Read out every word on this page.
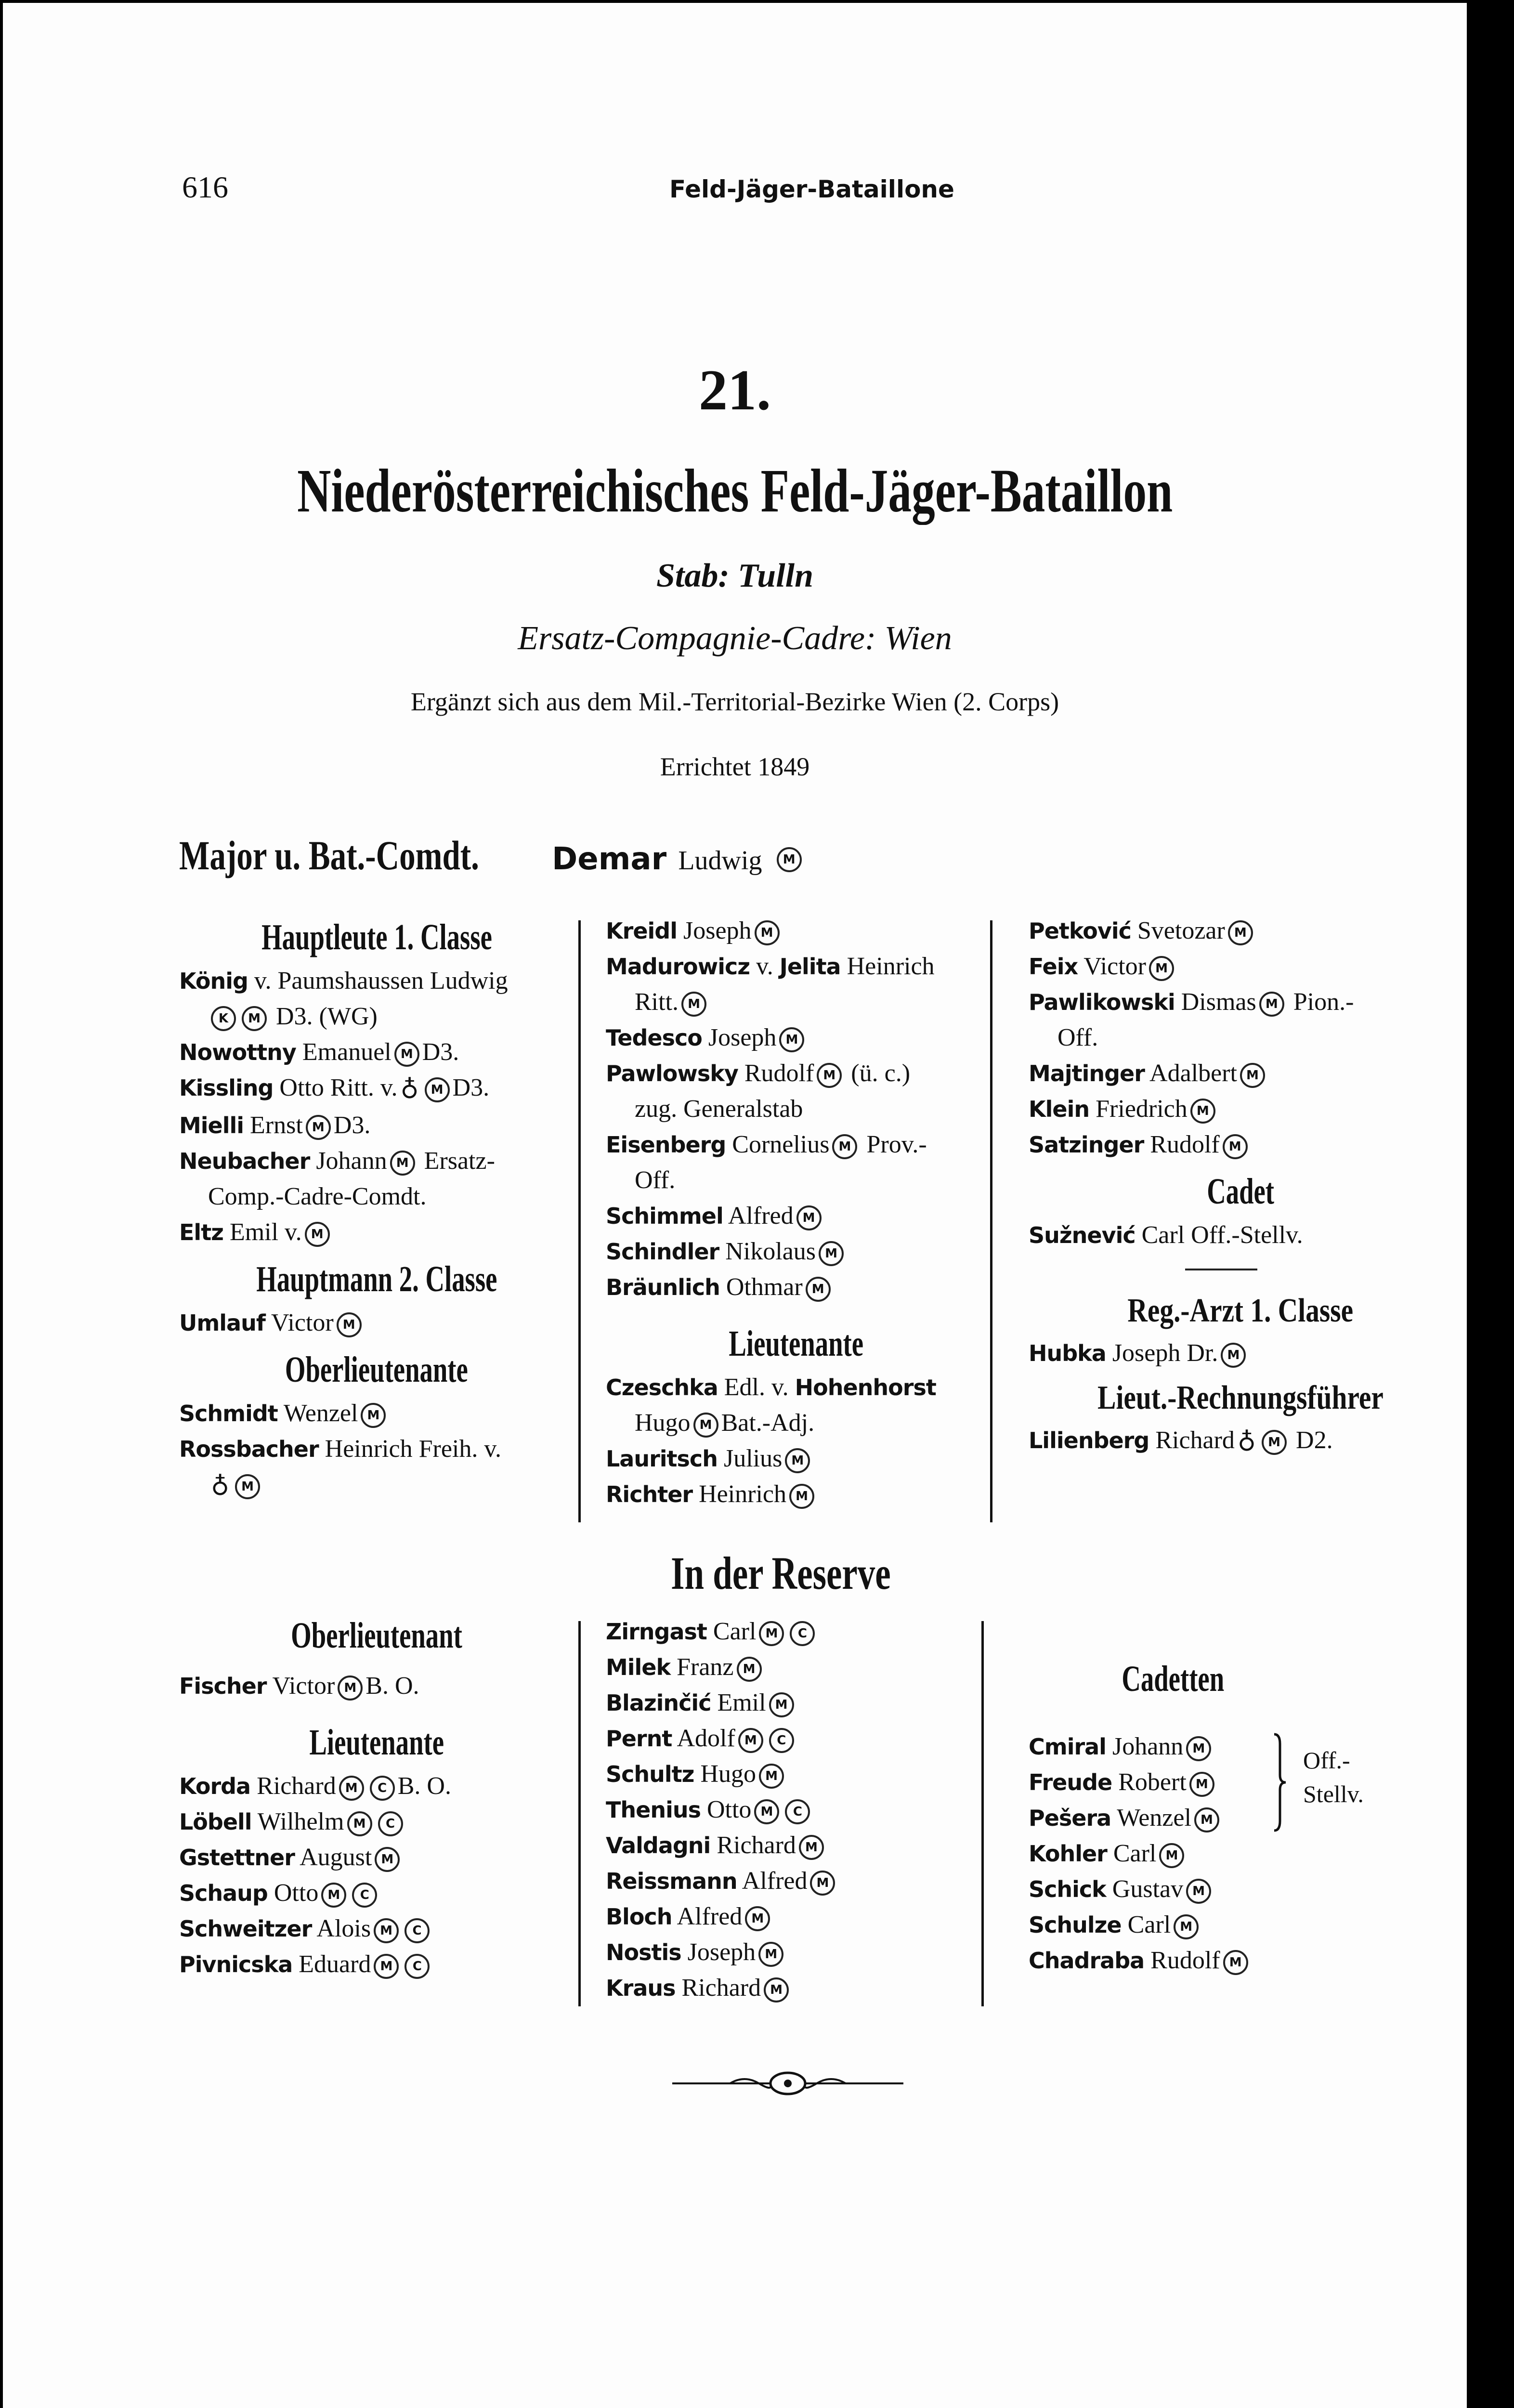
616	Feld-Jäger-Bataillone
21.
Niederösterreichisches Feld-Jäger-Bataillon
Stab: Tulln
Ersatz-Compagnie-Cadre: Wien
Ergänzt sich aus dem Mil.-Territorial-Bezirke Wien (2. Corps)
Errichtet 1849
Major u. Bat.-Comdt. Demar Ludwig M
Hauptleute 1. Classe
König v. Paumshaussen Ludwig
K M D3. (WG)
Nowottny Emanuel M D3.
Kissling Otto Ritt. v. ♁ M D3.
Mielli Ernst M D3.
Neubacher Johann M Ersatz-
Comp.-Cadre-Comdt.
Eltz Emil v. M
Hauptmann 2. Classe
Umlauf Victor M
Oberlieutenante
Schmidt Wenzel M
Rossbacher Heinrich Freih. v.
♁ M
Kreidl Joseph M
Madurowicz v. Jelita Heinrich
Ritt. M
Tedesco Joseph M
Pawlowsky Rudolf M (ü. c.)
zug. Generalstab
Eisenberg Cornelius M Prov.-
Off.
Schimmel Alfred M
Schindler Nikolaus M
Bräunlich Othmar M
Lieutenante
Czeschka Edl. v. Hohenhorst
Hugo M Bat.-Adj.
Lauritsch Julius M
Richter Heinrich M
Petković Svetozar M
Feix Victor M
Pawlikowski Dismas M Pion.-
Off.
Majtinger Adalbert M
Klein Friedrich M
Satzinger Rudolf M
Cadet
Sužnević Carl Off.-Stellv.
Reg.-Arzt 1. Classe
Hubka Joseph Dr. M
Lieut.-Rechnungsführer
Lilienberg Richard ♁ M D2.
In der Reserve
Oberlieutenant
Fischer Victor M B. O.
Lieutenante
Korda Richard M C B. O.
Löbell Wilhelm M C
Gstettner August M
Schaup Otto M C
Schweitzer Alois M C
Pivnicska Eduard M C
Zirngast Carl M C
Milek Franz M
Blazinčić Emil M
Pernt Adolf M C
Schultz Hugo M
Thenius Otto M C
Valdagni Richard M
Reissmann Alfred M
Bloch Alfred M
Nostis Joseph M
Kraus Richard M
Cadetten
Cmiral Johann M
Freude Robert M
Pešera Wenzel M
Off.-
Stellv.
Kohler Carl M
Schick Gustav M
Schulze Carl M
Chadraba Rudolf M
